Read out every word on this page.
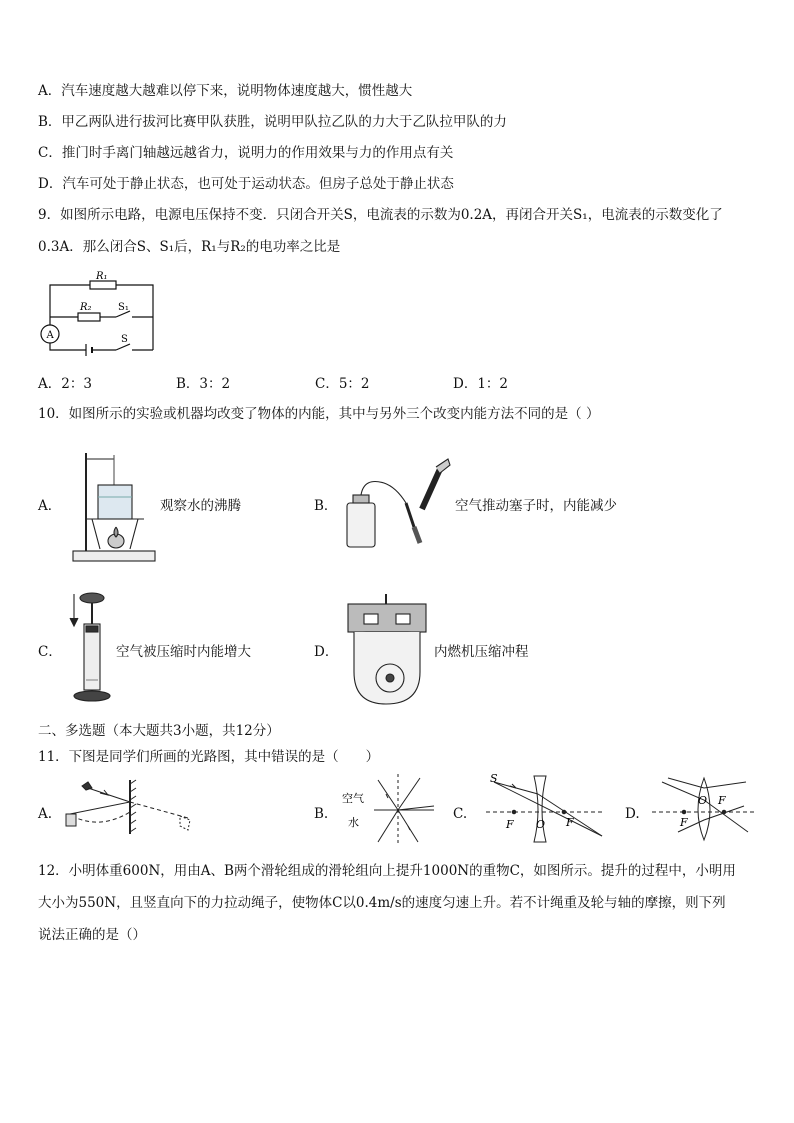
A．汽车速度越大越难以停下来，说明物体速度越大，惯性越大
B．甲乙两队进行拔河比赛甲队获胜，说明甲队拉乙队的力大于乙队拉甲队的力
C．推门时手离门轴越远越省力，说明力的作用效果与力的作用点有关
D．汽车可处于静止状态，也可处于运动状态。但房子总处于静止状态
9．如图所示电路，电源电压保持不变．只闭合开关S，电流表的示数为0.2A，再闭合开关S₁，电流表的示数变化了
0.3A．那么闭合S、S₁后，R₁与R₂的电功率之比是
R₁
R₂	S₁
S
A
A．2：3	B．3：2	C．5：2	D．1：2
10．如图所示的实验或机器均改变了物体的内能，其中与另外三个改变内能方法不同的是（ ）
A．	观察水的沸腾	B．	空气推动塞子时，内能减少
C．	空气被压缩时内能增大	D．	内燃机压缩冲程
二、多选题（本大题共3小题，共12分）
11．下图是同学们所画的光路图，其中错误的是（　　）
A.	B.
空气
水
C.
S
F O F
D.
F
O F
12．小明体重600N，用由A、B两个滑轮组成的滑轮组向上提升1000N的重物C，如图所示。提升的过程中，小明用
大小为550N，且竖直向下的力拉动绳子，使物体C以0.4m/s的速度匀速上升。若不计绳重及轮与轴的摩擦，则下列
说法正确的是（）
